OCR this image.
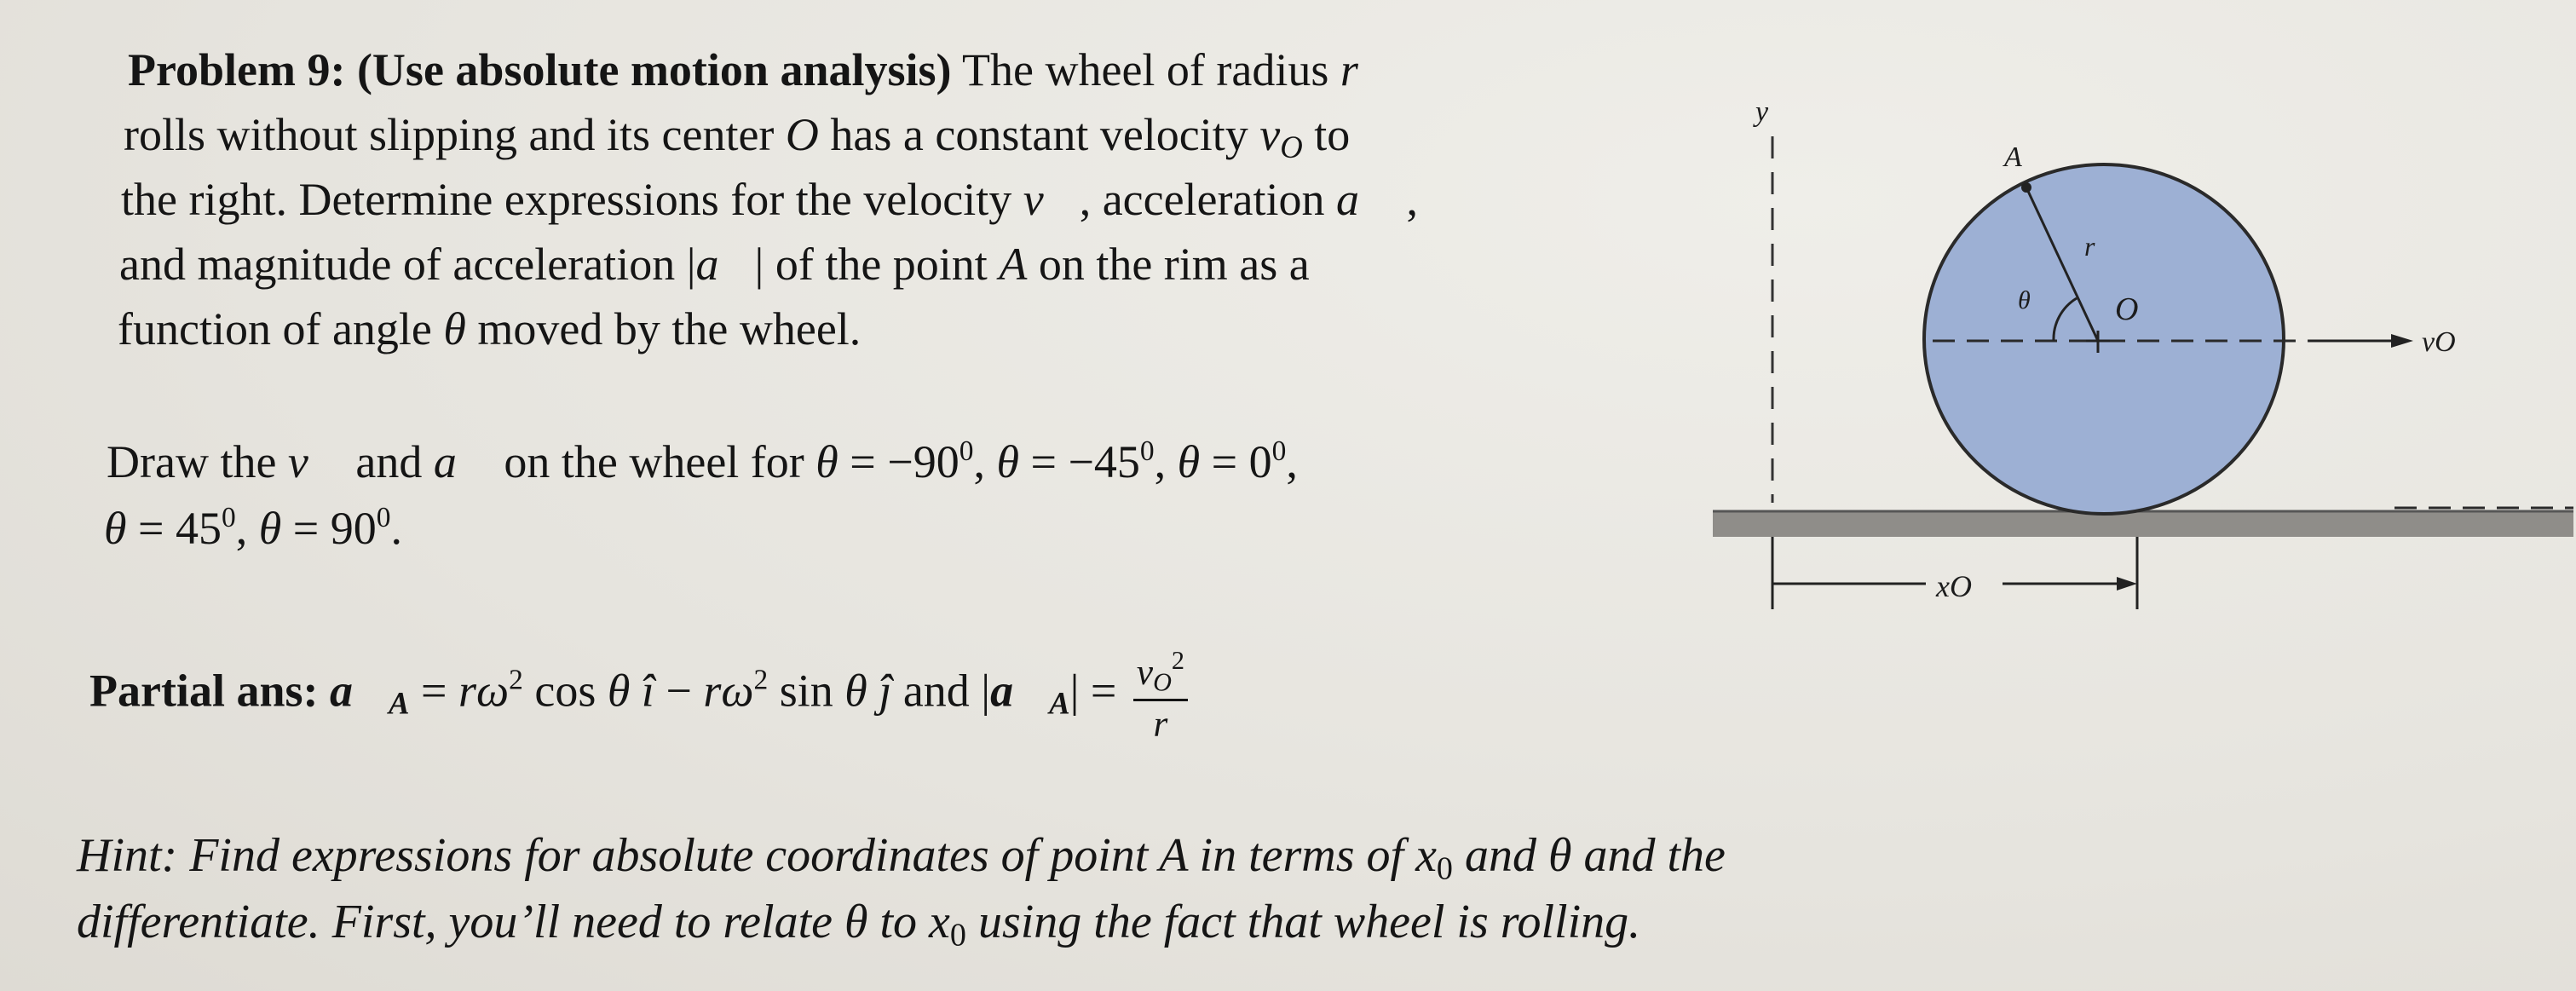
Problem 9: (Use absolute motion analysis) The wheel of radius r
rolls without slipping and its center O has a constant velocity $v_O$ to
the right. Determine expressions for the velocity v⃗, acceleration a⃗ ,
and magnitude of acceleration |a⃗| of the point A on the rim as a
function of angle θ moved by the wheel.
Draw the v⃗ and a⃗ on the wheel for $\theta = -90^0$, $\theta = -45^0$, $\theta = 0^0$,
$\theta = 45^0$, $\theta = 90^0$.
Partial ans: $a⃗_A = r\omega^2$ cos θ î − $r\omega^2$ sin θ ĵ and $|a⃗_A| = \frac{v_O^2}{r}$
Hint: Find expressions for absolute coordinates of point A in terms of $x_0$ and θ and the
differentiate. First, you’ll need to relate θ to $x_0$ using the fact that wheel is rolling.
y
A
r
θ	O
vO
xO
